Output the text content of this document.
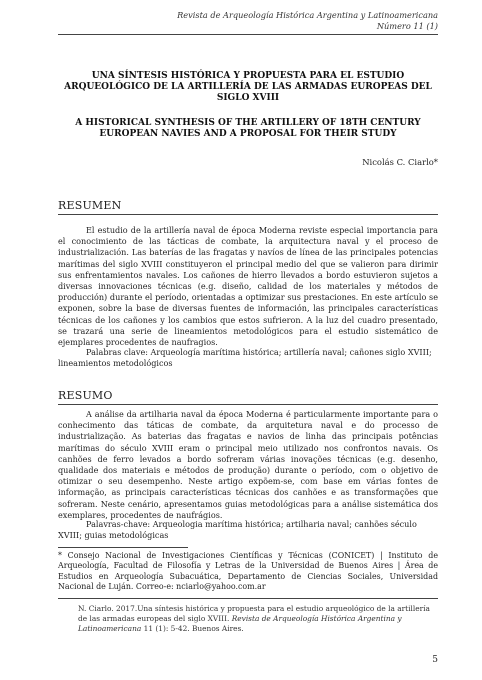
Revista de Arqueología Histórica Argentina y Latinoamericana
Número 11 (1)
UNA SÍNTESIS HISTÓRICA Y PROPUESTA PARA EL ESTUDIO ARQUEOLÓGICO DE LA ARTILLERÍA DE LAS ARMADAS EUROPEAS DEL SIGLO XVIII
A HISTORICAL SYNTHESIS OF THE ARTILLERY OF 18TH CENTURY EUROPEAN NAVIES AND A PROPOSAL FOR THEIR STUDY
Nicolás C. Ciarlo*
RESUMEN
El estudio de la artillería naval de época Moderna reviste especial importancia para el conocimiento de las tácticas de combate, la arquitectura naval y el proceso de industrialización. Las baterías de las fragatas y navíos de línea de las principales potencias marítimas del siglo XVIII constituyeron el principal medio del que se valieron para dirimir sus enfrentamientos navales. Los cañones de hierro llevados a bordo estuvieron sujetos a diversas innovaciones técnicas (e.g. diseño, calidad de los materiales y métodos de producción) durante el período, orientadas a optimizar sus prestaciones. En este artículo se exponen, sobre la base de diversas fuentes de información, las principales características técnicas de los cañones y los cambios que estos sufrieron. A la luz del cuadro presentado, se trazará una serie de lineamientos metodológicos para el estudio sistemático de ejemplares procedentes de naufragios.
Palabras clave: Arqueología marítima histórica; artillería naval; cañones siglo XVIII; lineamientos metodológicos
RESUMO
A análise da artilharia naval da época Moderna é particularmente importante para o conhecimento das táticas de combate, da arquitetura naval e do processo de industrialização. As baterias das fragatas e navios de linha das principais potências marítimas do século XVIII eram o principal meio utilizado nos confrontos navais. Os canhões de ferro levados a bordo sofreram várias inovações técnicas (e.g. desenho, qualidade dos materiais e métodos de produção) durante o período, com o objetivo de otimizar o seu desempenho. Neste artigo expõem-se, com base em várias fontes de informação, as principais características técnicas dos canhões e as transformações que sofreram. Neste cenário, apresentamos guias metodológicas para a análise sistemática dos exemplares, procedentes de naufrágios.
Palavras-chave: Arqueologia marítima histórica; artilharia naval; canhões século XVIII; guias metodológicas
* Consejo Nacional de Investigaciones Científicas y Técnicas (CONICET) | Instituto de Arqueología, Facultad de Filosofía y Letras de la Universidad de Buenos Aires | Área de Estudios en Arqueología Subacuática, Departamento de Ciencias Sociales, Universidad Nacional de Luján. Correo-e: nciarlo@yahoo.com.ar
N. Ciarlo. 2017.Una síntesis histórica y propuesta para el estudio arqueológico de la artillería de las armadas europeas del siglo XVIII. Revista de Arqueología Histórica Argentina y Latinoamericana 11 (1): 5-42. Buenos Aires.
5
